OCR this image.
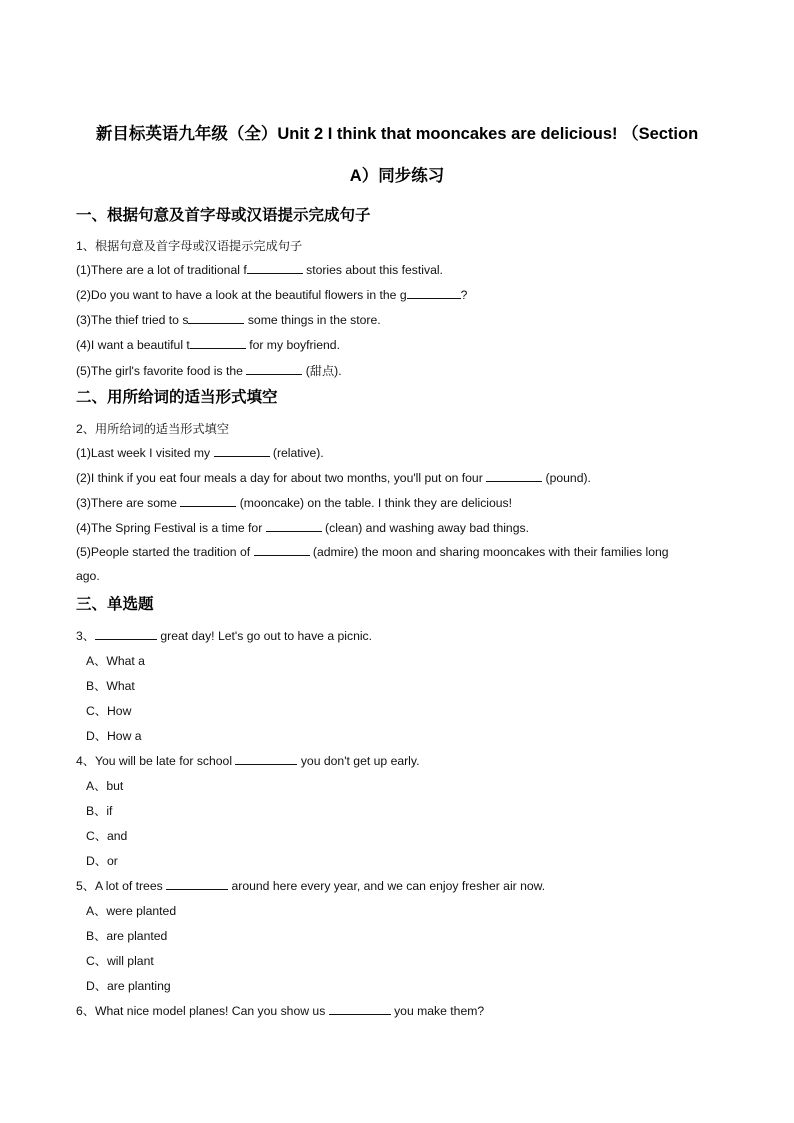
新目标英语九年级（全）Unit 2 I think that mooncakes are delicious! （Section
A）同步练习
一、根据句意及首字母或汉语提示完成句子
1、根据句意及首字母或汉语提示完成句子
(1)There are a lot of traditional f	stories about this festival.
(2)Do you want to have a look at the beautiful flowers in the g	?
(3)The thief tried to s	some things in the store.
(4)I want a beautiful t	for my boyfriend.
(5)The girl's favorite food is the	(甜点).
二、用所给词的适当形式填空
2、用所给词的适当形式填空
(1)Last week I visited my	(relative).
(2)I think if you eat four meals a day for about two months, you'll put on four	(pound).
(3)There are some	(mooncake) on the table. I think they are delicious!
(4)The Spring Festival is a time for	(clean) and washing away bad things.
(5)People started the tradition of	(admire) the moon and sharing mooncakes with their families long
ago.
三、单选题
3、	great day! Let's go out to have a picnic.
A、What a
B、What
C、How
D、How a
4、You will be late for school	you don't get up early.
A、but
B、if
C、and
D、or
5、A lot of trees	around here every year, and we can enjoy fresher air now.
A、were planted
B、are planted
C、will plant
D、are planting
6、What nice model planes! Can you show us	you make them?
